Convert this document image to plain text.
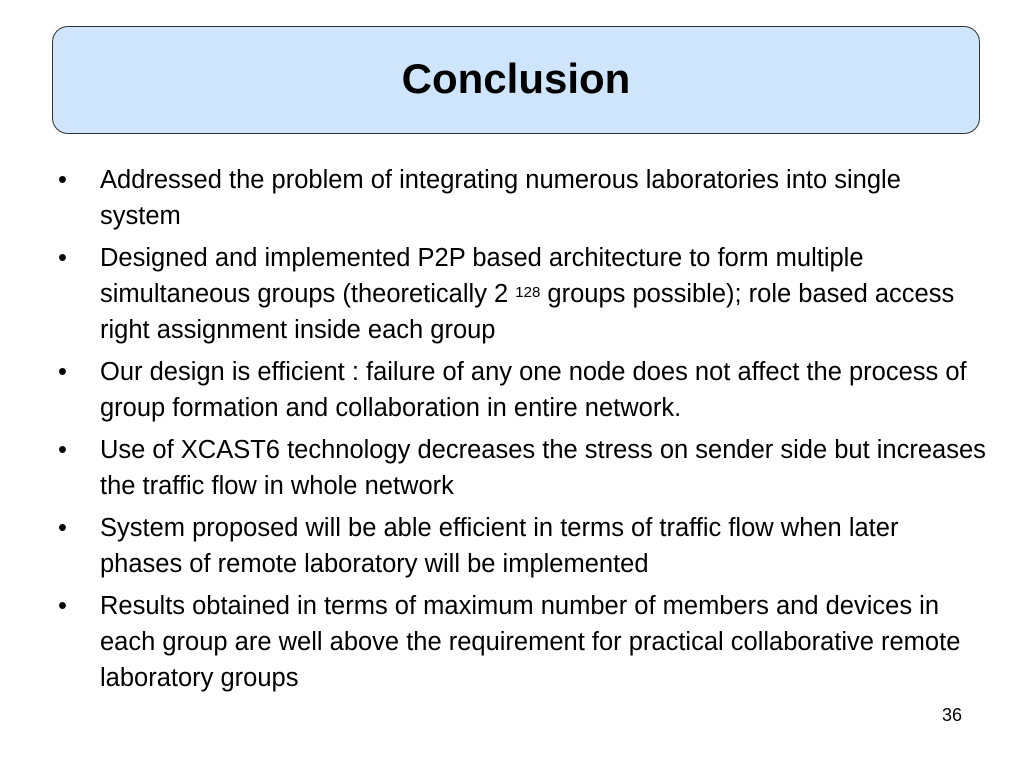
Conclusion
•	Addressed the problem of integrating numerous laboratories into single system
•	Designed and implemented P2P based architecture to form multiple simultaneous groups (theoretically 2 $^{128}$ groups possible); role based access right assignment inside each group
•	Our design is efficient : failure of any one node does not affect the process of group formation and collaboration in entire network.
•	Use of XCAST6 technology decreases the stress on sender side but increases the traffic flow in whole network
•	System proposed will be able efficient in terms of traffic flow when later phases of remote laboratory will be implemented
•	Results obtained in terms of maximum number of members and devices in each group are well above the requirement for practical collaborative remote laboratory groups
36
